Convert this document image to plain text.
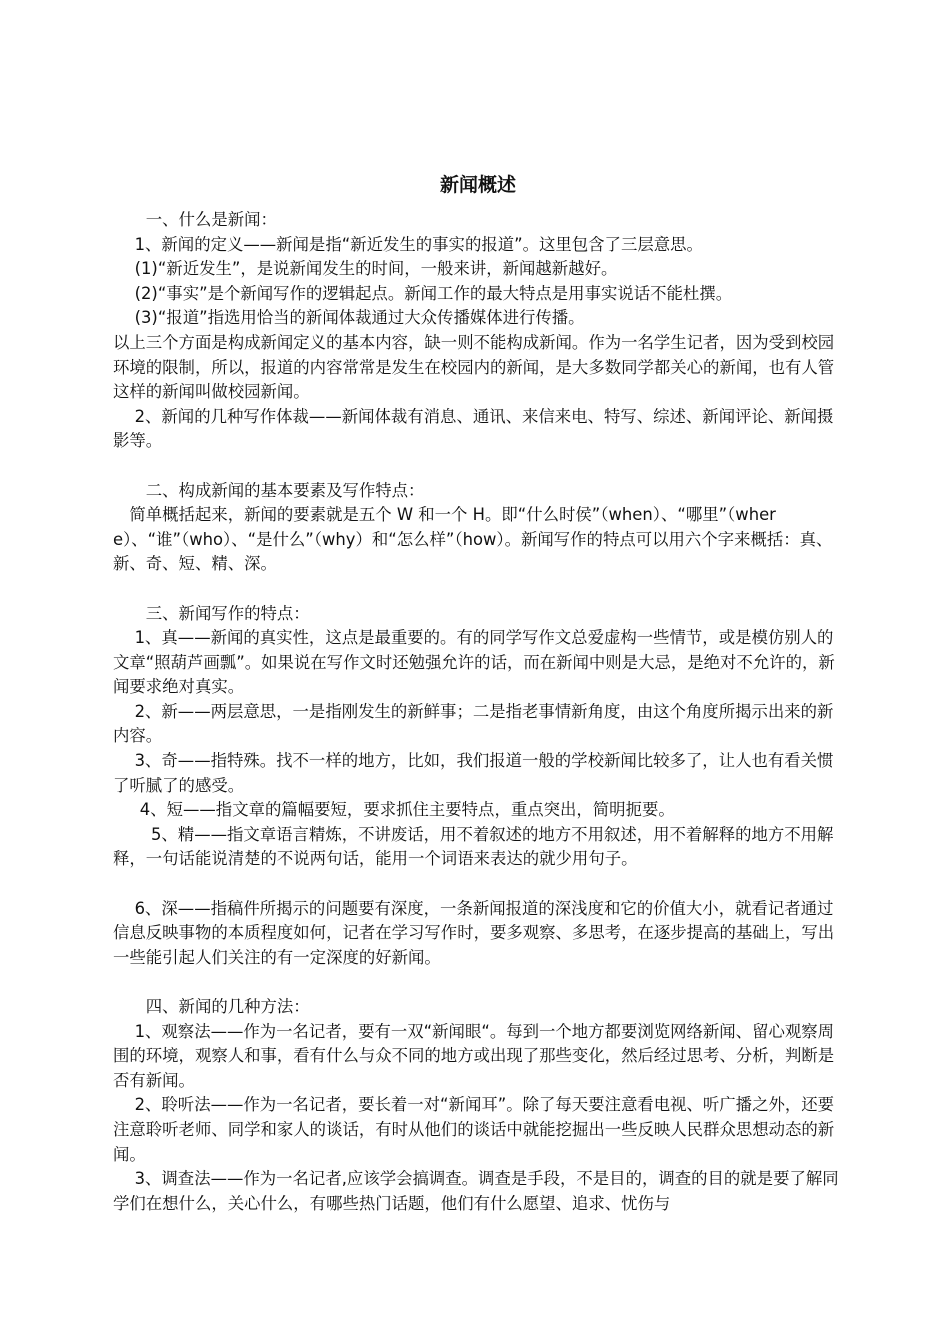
新闻概述

　　一、什么是新闻：

　 1、新闻的定义——新闻是指“新近发生的事实的报道”。这里包含了三层意思。

　 (1)“新近发生”，是说新闻发生的时间，一般来讲，新闻越新越好。

　 (2)“事实”是个新闻写作的逻辑起点。新闻工作的最大特点是用事实说话不能杜撰。

　 (3)“报道”指选用恰当的新闻体裁通过大众传播媒体进行传播。

以上三个方面是构成新闻定义的基本内容，缺一则不能构成新闻。作为一名学生记者，因为受到校园环境的限制，所以，报道的内容常常是发生在校园内的新闻，是大多数同学都关心的新闻，也有人管这样的新闻叫做校园新闻。

　 2、新闻的几种写作体裁——新闻体裁有消息、通讯、来信来电、特写、综述、新闻评论、新闻摄影等。

　　二、构成新闻的基本要素及写作特点：

　简单概括起来，新闻的要素就是五个 W 和一个 H。即“什么时侯”（when）、“哪里”（where）、“谁”（who）、“是什么”（why）和“怎么样”（how）。新闻写作的特点可以用六个字来概括：真、新、奇、短、精、深。

　　三、新闻写作的特点：

　 1、真——新闻的真实性，这点是最重要的。有的同学写作文总爱虚构一些情节，或是模仿别人的文章“照葫芦画瓢”。如果说在写作文时还勉强允许的话，而在新闻中则是大忌，是绝对不允许的，新闻要求绝对真实。

　 2、新——两层意思，一是指刚发生的新鲜事；二是指老事情新角度，由这个角度所揭示出来的新内容。

　 3、奇——指特殊。找不一样的地方，比如，我们报道一般的学校新闻比较多了，让人也有看关惯了听腻了的感受。

　  4、短——指文章的篇幅要短，要求抓住主要特点，重点突出，简明扼要。

　　 5、精——指文章语言精炼，不讲废话，用不着叙述的地方不用叙述，用不着解释的地方不用解释，一句话能说清楚的不说两句话，能用一个词语来表达的就少用句子。

　 6、深——指稿件所揭示的问题要有深度，一条新闻报道的深浅度和它的价值大小，就看记者通过信息反映事物的本质程度如何，记者在学习写作时，要多观察、多思考，在逐步提高的基础上，写出一些能引起人们关注的有一定深度的好新闻。

　　四、新闻的几种方法：

　 1、观察法——作为一名记者，要有一双“新闻眼“。每到一个地方都要浏览网络新闻、留心观察周围的环境，观察人和事，看有什么与众不同的地方或出现了那些变化，然后经过思考、分析，判断是否有新闻。

　 2、聆听法——作为一名记者，要长着一对“新闻耳”。除了每天要注意看电视、听广播之外，还要注意聆听老师、同学和家人的谈话，有时从他们的谈话中就能挖掘出一些反映人民群众思想动态的新闻。

　 3、调查法——作为一名记者,应该学会搞调查。调查是手段，不是目的，调查的目的就是要了解同学们在想什么，关心什么，有哪些热门话题，他们有什么愿望、追求、忧伤与
